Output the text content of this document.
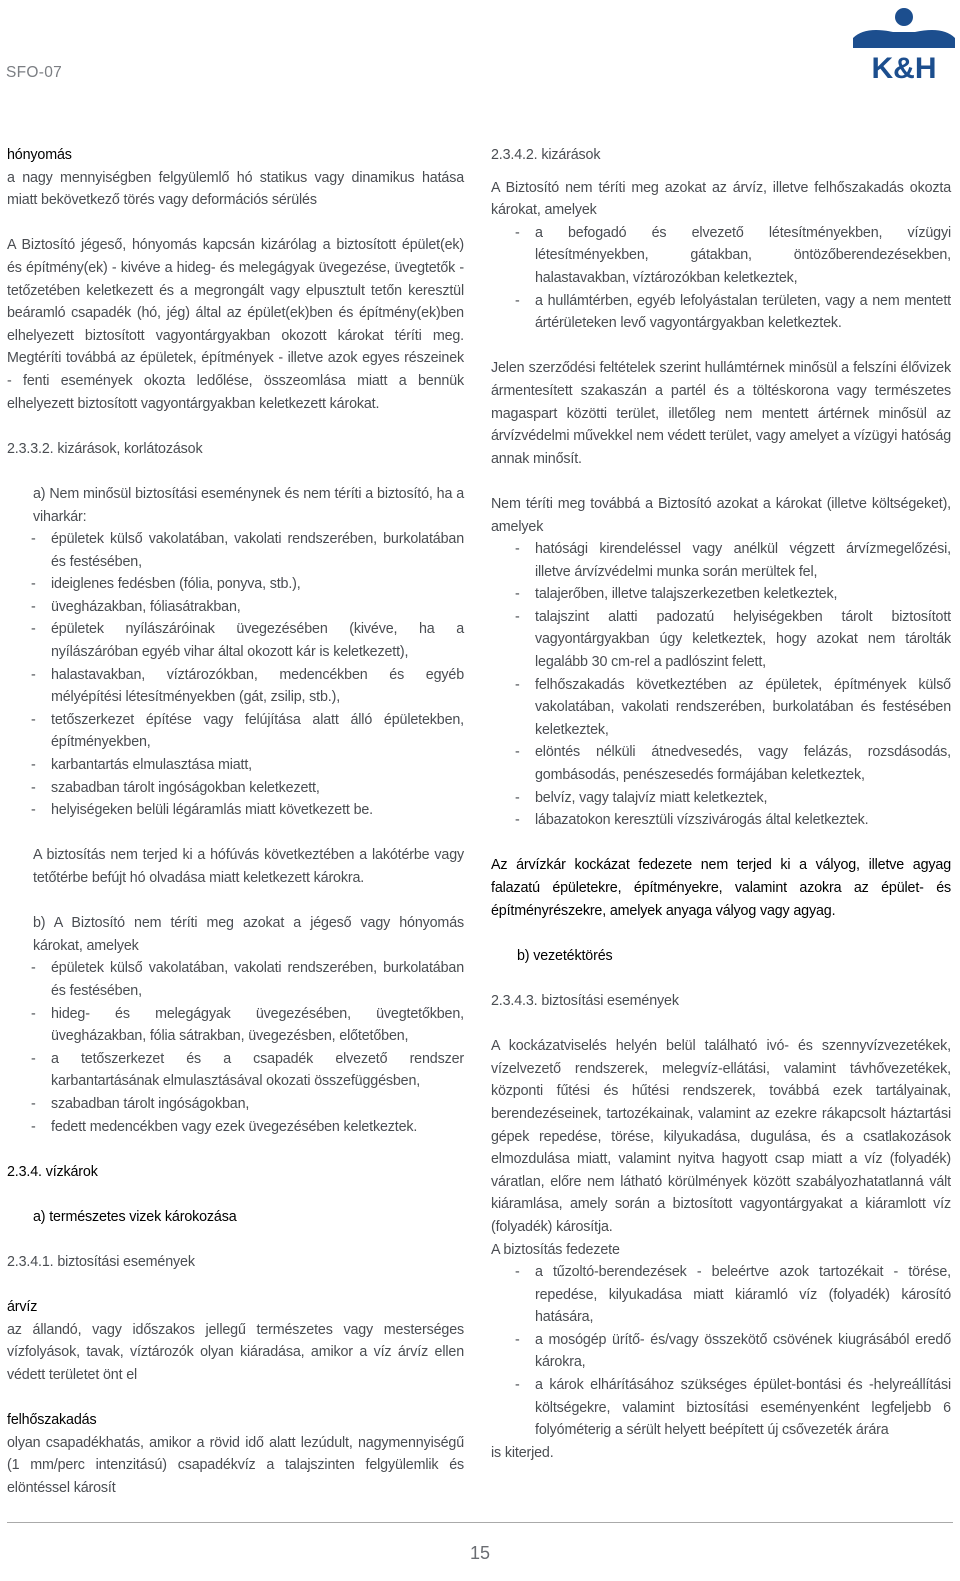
SFO-07	K&H

hónyomás

a nagy mennyiségben felgyülemlő hó statikus vagy dinamikus hatása miatt bekövetkező törés vagy deformációs sérülés

A Biztosító jégeső, hónyomás kapcsán kizárólag a biztosított épület(ek) és építmény(ek) - kivéve a hideg- és melegágyak üvegezése, üvegtetők - tetőzetében keletkezett és a megrongált vagy elpusztult tetőn keresztül beáramló csapadék (hó, jég) által az épület(ek)ben és építmény(ek)ben elhelyezett biztosított vagyontárgyakban okozott károkat téríti meg. Megtéríti továbbá az épületek, építmények - illetve azok egyes részeinek - fenti események okozta ledőlése, összeomlása miatt a bennük elhelyezett biztosított vagyontárgyakban keletkezett károkat.

2.3.3.2. kizárások, korlátozások

a) Nem minősül biztosítási eseménynek és nem téríti a biztosító, ha a viharkár:

- épületek külső vakolatában, vakolati rendszerében, burkolatában és festésében,
- ideiglenes fedésben (fólia, ponyva, stb.),
- üvegházakban, fóliasátrakban,
- épületek nyílászáróinak üvegezésében (kivéve, ha a nyílászáróban egyéb vihar által okozott kár is keletkezett),
- halastavakban, víztározókban, medencékben és egyéb mélyépítési létesítményekben (gát, zsilip, stb.),
- tetőszerkezet építése vagy felújítása alatt álló épületekben, építményekben,
- karbantartás elmulasztása miatt,
- szabadban tárolt ingóságokban keletkezett,
- helyiségeken belüli légáramlás miatt következett be.

A biztosítás nem terjed ki a hófúvás következtében a lakótérbe vagy tetőtérbe befújt hó olvadása miatt keletkezett károkra.

b) A Biztosító nem téríti meg azokat a jégeső vagy hónyomás károkat, amelyek

- épületek külső vakolatában, vakolati rendszerében, burkolatában és festésében,
- hideg- és melegágyak üvegezésében, üvegtetőkben, üvegházakban, fólia sátrakban, üvegezésben, előtetőben,
- a tetőszerkezet és a csapadék elvezető rendszer karbantartásának elmulasztásával okozati összefüggésben,
- szabadban tárolt ingóságokban,
- fedett medencékben vagy ezek üvegezésében keletkeztek.

2.3.4. vízkárok

a) természetes vizek károkozása

2.3.4.1. biztosítási események

árvíz

az állandó, vagy időszakos jellegű természetes vagy mesterséges vízfolyások, tavak, víztározók olyan kiáradása, amikor a víz árvíz ellen védett területet önt el

felhőszakadás

olyan csapadékhatás, amikor a rövid idő alatt lezúdult, nagymennyiségű (1 mm/perc intenzitású) csapadékvíz a talajszinten felgyülemlik és elöntéssel károsít

2.3.4.2. kizárások

A Biztosító nem téríti meg azokat az árvíz, illetve felhőszakadás okozta károkat, amelyek

- a befogadó és elvezető létesítményekben, vízügyi létesítményekben, gátakban, öntözőberendezésekben, halastavakban, víztározókban keletkeztek,
- a hullámtérben, egyéb lefolyástalan területen, vagy a nem mentett ártérületeken levő vagyontárgyakban keletkeztek.

Jelen szerződési feltételek szerint hullámtérnek minősül a felszíni élővizek ármentesített szakaszán a partél és a töltéskorona vagy természetes magaspart közötti terület, illetőleg nem mentett ártérnek minősül az árvízvédelmi művekkel nem védett terület, vagy amelyet a vízügyi hatóság annak minősít.

Nem téríti meg továbbá a Biztosító azokat a károkat (illetve költségeket), amelyek

- hatósági kirendeléssel vagy anélkül végzett árvízmegelőzési, illetve árvízvédelmi munka során merültek fel,
- talajerőben, illetve talajszerkezetben keletkeztek,
- talajszint alatti padozatú helyiségekben tárolt biztosított vagyontárgyakban úgy keletkeztek, hogy azokat nem tárolták legalább 30 cm-rel a padlószint felett,
- felhőszakadás következtében az épületek, építmények külső vakolatában, vakolati rendszerében, burkolatában és festésében keletkeztek,
- elöntés nélküli átnedvesedés, vagy felázás, rozsdásodás, gombásodás, penészesedés formájában keletkeztek,
- belvíz, vagy talajvíz miatt keletkeztek,
- lábazatokon keresztüli vízszivárogás által keletkeztek.

Az árvízkár kockázat fedezete nem terjed ki a vályog, illetve agyag falazatú épületekre, építményekre, valamint azokra az épület- és építményrészekre, amelyek anyaga vályog vagy agyag.

b) vezetéktörés

2.3.4.3. biztosítási események

A kockázatviselés helyén belül található ivó- és szennyvízvezetékek, vízelvezető rendszerek, melegvíz-ellátási, valamint távhővezetékek, központi fűtési és hűtési rendszerek, továbbá ezek tartályainak, berendezéseinek, tartozékainak, valamint az ezekre rákapcsolt háztartási gépek repedése, törése, kilyukadása, dugulása, és a csatlakozások elmozdulása miatt, valamint nyitva hagyott csap miatt a víz (folyadék) váratlan, előre nem látható körülmények között szabályozhatatlanná vált kiáramlása, amely során a biztosított vagyontárgyakat a kiáramlott víz (folyadék) károsítja.

A biztosítás fedezete

- a tűzoltó-berendezések - beleértve azok tartozékait - törése, repedése, kilyukadása miatt kiáramló víz (folyadék) károsító hatására,
- a mosógép ürítő- és/vagy összekötő csövének kiugrásából eredő károkra,
- a károk elhárításához szükséges épület-bontási és -helyreállítási költségekre, valamint biztosítási eseményenként legfeljebb 6 folyóméterig a sérült helyett beépített új csővezeték árára

is kiterjed.

15
